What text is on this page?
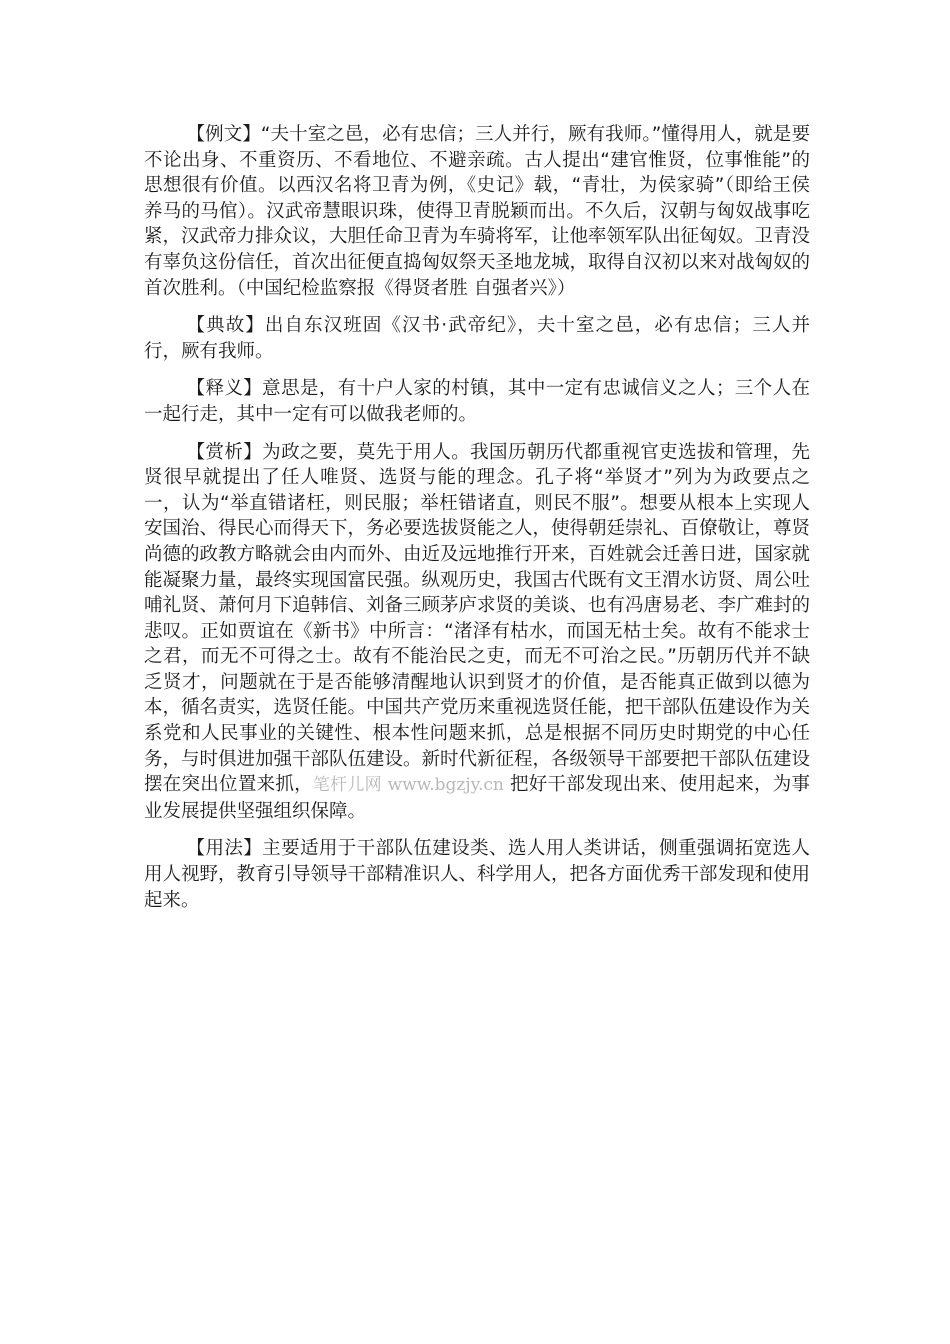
【例文】“夫十室之邑，必有忠信；三人并行，厥有我师。”懂得用人，就是要不论出身、不重资历、不看地位、不避亲疏。古人提出“建官惟贤，位事惟能”的思想很有价值。以西汉名将卫青为例，《史记》载，“青壮，为侯家骑”（即给王侯养马的马倌）。汉武帝慧眼识珠，使得卫青脱颖而出。不久后，汉朝与匈奴战事吃紧，汉武帝力排众议，大胆任命卫青为车骑将军，让他率领军队出征匈奴。卫青没有辜负这份信任，首次出征便直捣匈奴祭天圣地龙城，取得自汉初以来对战匈奴的首次胜利。（中国纪检监察报《得贤者胜 自强者兴》）

【典故】出自东汉班固《汉书·武帝纪》，夫十室之邑，必有忠信；三人并行，厥有我师。

【释义】意思是，有十户人家的村镇，其中一定有忠诚信义之人；三个人在一起行走，其中一定有可以做我老师的。

【赏析】为政之要，莫先于用人。我国历朝历代都重视官吏选拔和管理，先贤很早就提出了任人唯贤、选贤与能的理念。孔子将“举贤才”列为为政要点之一，认为“举直错诸枉，则民服；举枉错诸直，则民不服”。想要从根本上实现人安国治、得民心而得天下，务必要选拔贤能之人，使得朝廷崇礼、百僚敬让，尊贤尚德的政教方略就会由内而外、由近及远地推行开来，百姓就会迁善日进，国家就能凝聚力量，最终实现国富民强。纵观历史，我国古代既有文王渭水访贤、周公吐哺礼贤、萧何月下追韩信、刘备三顾茅庐求贤的美谈、也有冯唐易老、李广难封的悲叹。正如贾谊在《新书》中所言：“渚泽有枯水，而国无枯士矣。故有不能求士之君，而无不可得之士。故有不能治民之吏，而无不可治之民。”历朝历代并不缺乏贤才，问题就在于是否能够清醒地认识到贤才的价值，是否能真正做到以德为本，循名责实，选贤任能。中国共产党历来重视选贤任能，把干部队伍建设作为关系党和人民事业的关键性、根本性问题来抓，总是根据不同历史时期党的中心任务，与时俱进加强干部队伍建设。新时代新征程，各级领导干部要把干部队伍建设摆在突出位置来抓，笔杆儿网 www.bgzjy.cn 把好干部发现出来、使用起来，为事业发展提供坚强组织保障。

【用法】主要适用于干部队伍建设类、选人用人类讲话，侧重强调拓宽选人用人视野，教育引导领导干部精准识人、科学用人，把各方面优秀干部发现和使用起来。
